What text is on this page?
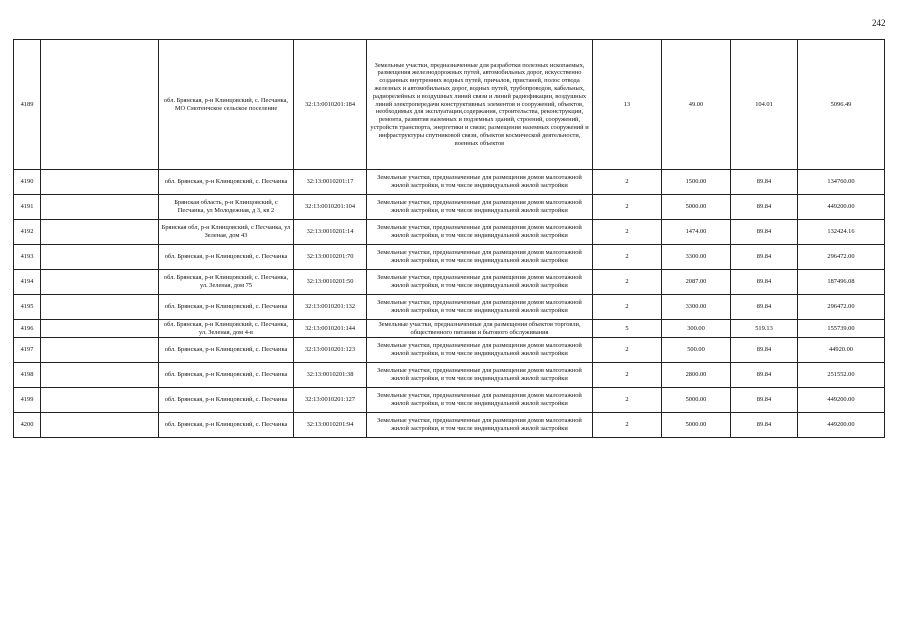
242
4189		обл. Брянская, р-н Клинцовский, с. Песчанка, МО Смотенчское сельское поселение	32:13:0010201:184	Земельные участки, предназначенные для разработки полезных ископаемых, размещения железнодорожных путей, автомобильных дорог, искусственно созданных внутренних водных путей, причалов, пристаней, полос отвода железных и автомобильных дорог, водных путей, трубопроводов, кабельных, радиорелейных и воздушных линий связи и линий радиофикации, воздушных линий электропередачи конструктивных элементов и сооружений, объектов, необходимых для эксплуатации,содержания, строительства, реконструкции, ремонта, развития наземных и подземных зданий, строений, сооружений, устройств транспорта, энергетики и связи; размещения наземных сооружений и инфраструктуры спутниковой связи, объектов космической деятельности, военных объектов	13	49.00	104.01	5096.49
4190		обл. Брянская, р-н Клинцовский, с. Песчанка	32:13:0010201:17	Земельные участки, предназначенные для размещения домов малоэтажной жилой застройки, в том числе индивидуальной жилой застройки	2	1500.00	89.84	134760.00
4191		Брянская область, р-н Клинцовский, с Песчанка, ул Молодежная, д 3, кв 2	32:13:0010201:104	Земельные участки, предназначенные для размещения домов малоэтажной жилой застройки, в том числе индивидуальной жилой застройки	2	5000.00	89.84	449200.00
4192		Брянская обл, р-н Клинцовский, с Песчанка, ул Зеленая, дом 43	32:13:0010201:14	Земельные участки, предназначенные для размещения домов малоэтажной жилой застройки, в том числе индивидуальной жилой застройки	2	1474.00	89.84	132424.16
4193		обл. Брянская, р-н Клинцовский, с. Песчанка	32:13:0010201:70	Земельные участки, предназначенные для размещения домов малоэтажной жилой застройки, в том числе индивидуальной жилой застройки	2	3300.00	89.84	296472.00
4194		обл. Брянская, р-н Клинцовский, с. Песчанка, ул. Зеленая, дом 75	32:13:0010201:50	Земельные участки, предназначенные для размещения домов малоэтажной жилой застройки, в том числе индивидуальной жилой застройки	2	2087.00	89.84	187496.08
4195		обл. Брянская, р-н Клинцовский, с. Песчанка	32:13:0010201:132	Земельные участки, предназначенные для размещения домов малоэтажной жилой застройки, в том числе индивидуальной жилой застройки	2	3300.00	89.84	296472.00
4196		обл. Брянская, р-н Клинцовский, с. Песчанка, ул. Зеленая, дом 4-в	32:13:0010201:144	Земельные участки, предназначенные для размещения объектов торговли, общественного питания и бытового обслуживания	5	300.00	519.13	155739.00
4197		обл. Брянская, р-н Клинцовский, с. Песчанка	32:13:0010201:123	Земельные участки, предназначенные для размещения домов малоэтажной жилой застройки, в том числе индивидуальной жилой застройки	2	500.00	89.84	44920.00
4198		обл. Брянская, р-н Клинцовский, с. Песчанка	32:13:0010201:38	Земельные участки, предназначенные для размещения домов малоэтажной жилой застройки, в том числе индивидуальной жилой застройки	2	2800.00	89.84	251552.00
4199		обл. Брянская, р-н Клинцовский, с. Песчанка	32:13:0010201:127	Земельные участки, предназначенные для размещения домов малоэтажной жилой застройки, в том числе индивидуальной жилой застройки	2	5000.00	89.84	449200.00
4200		обл. Брянская, р-н Клинцовский, с. Песчанка	32:13:0010201:94	Земельные участки, предназначенные для размещения домов малоэтажной жилой застройки, в том числе индивидуальной жилой застройки	2	5000.00	89.84	449200.00
